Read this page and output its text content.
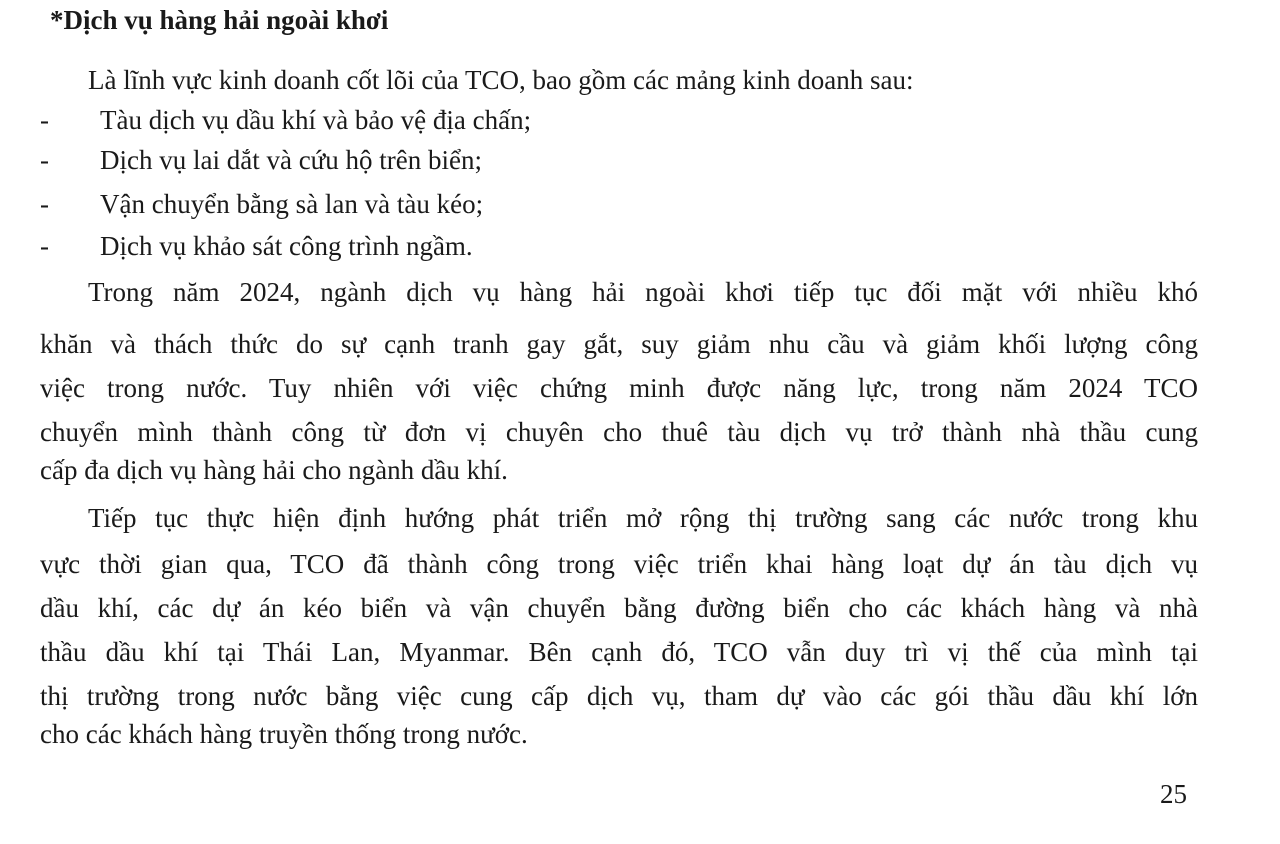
*Dịch vụ hàng hải ngoài khơi
Là lĩnh vực kinh doanh cốt lõi của TCO, bao gồm các mảng kinh doanh sau:
- Tàu dịch vụ dầu khí và bảo vệ địa chấn;
- Dịch vụ lai dắt và cứu hộ trên biển;
- Vận chuyển bằng sà lan và tàu kéo;
- Dịch vụ khảo sát công trình ngầm.
Trong năm 2024, ngành dịch vụ hàng hải ngoài khơi tiếp tục đối mặt với nhiều khó
khăn và thách thức do sự cạnh tranh gay gắt, suy giảm nhu cầu và giảm khối lượng công
việc trong nước. Tuy nhiên với việc chứng minh được năng lực, trong năm 2024 TCO
chuyển mình thành công từ đơn vị chuyên cho thuê tàu dịch vụ trở thành nhà thầu cung
cấp đa dịch vụ hàng hải cho ngành dầu khí.
Tiếp tục thực hiện định hướng phát triển mở rộng thị trường sang các nước trong khu
vực thời gian qua, TCO đã thành công trong việc triển khai hàng loạt dự án tàu dịch vụ
dầu khí, các dự án kéo biển và vận chuyển bằng đường biển cho các khách hàng và nhà
thầu dầu khí tại Thái Lan, Myanmar. Bên cạnh đó, TCO vẫn duy trì vị thế của mình tại
thị trường trong nước bằng việc cung cấp dịch vụ, tham dự vào các gói thầu dầu khí lớn
cho các khách hàng truyền thống trong nước.
25
